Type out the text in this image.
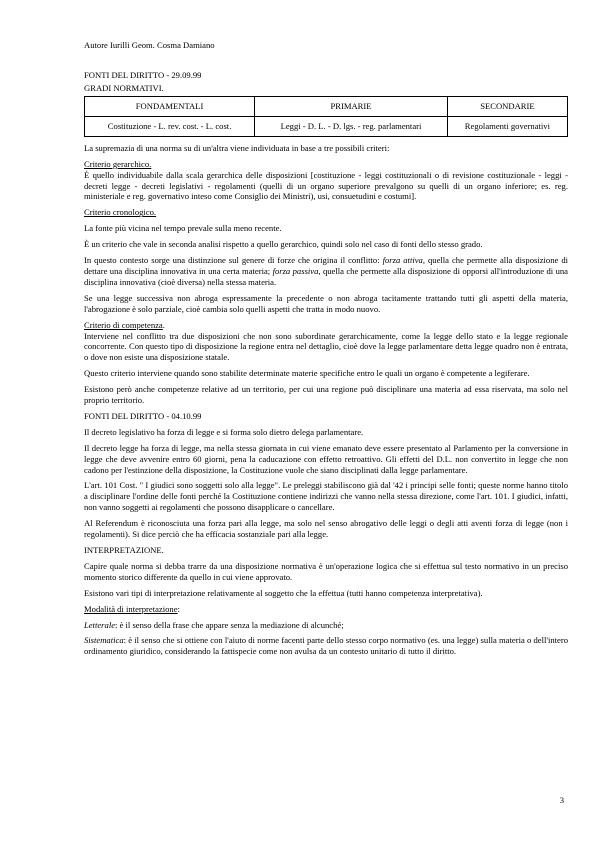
Autore Iurilli Geom. Cosma Damiano

FONTI DEL DIRITTO - 29.09.99

GRADI NORMATIVI.

FONDAMENTALI	PRIMARIE	SECONDARIE
Costituzione - L. rev. cost. - L. cost.	Leggi - D. L. - D. lgs. - reg. parlamentari	Regolamenti governativi

La supremazia di una norma su di un'altra viene individuata in base a tre possibili criteri:

Criterio gerarchico.
È quello individuabile dalla scala gerarchica delle disposizioni [costituzione - leggi costituzionali o di revisione costituzionale - leggi - decreti legge - decreti legislativi - regolamenti (quelli di un organo superiore prevalgono su quelli di un organo inferiore; es. reg. ministeriale e reg. governativo inteso come Consiglio dei Ministri), usi, consuetudini e costumi].

Criterio cronologico.

La fonte più vicina nel tempo prevale sulla meno recente.

È un criterio che vale in seconda analisi rispetto a quello gerarchico, quindi solo nel caso di fonti dello stesso grado.

In questo contesto sorge una distinzione sul genere di forze che origina il conflitto: forza attiva, quella che permette alla disposizione di dettare una disciplina innovativa in una certa materia; forza passiva, quella che permette alla disposizione di opporsi all'introduzione di una disciplina innovativa (cioè diversa) nella stessa materia.

Se una legge successiva non abroga espressamente la precedente o non abroga tacitamente trattando tutti gli aspetti della materia, l'abrogazione è solo parziale, cioè cambia solo quelli aspetti che tratta in modo nuovo.

Criterio di competenza.
Interviene nel conflitto tra due disposizioni che non sono subordinate gerarchicamente, come la legge dello stato e la legge regionale concorrente. Con questo tipo di disposizione la regione entra nel dettaglio, cioè dove la legge parlamentare detta legge quadro non è entrata, o dove non esiste una disposizione statale.

Questo criterio interviene quando sono stabilite determinate materie specifiche entro le quali un organo è competente a legiferare.

Esistono però anche competenze relative ad un territorio, per cui una regione può disciplinare una materia ad essa riservata, ma solo nel proprio territorio.

FONTI DEL DIRITTO - 04.10.99

Il decreto legislativo ha forza di legge e si forma solo dietro delega parlamentare.

Il decreto legge ha forza di legge, ma nella stessa giornata in cui viene emanato deve essere presentato al Parlamento per la conversione in legge che deve avvenire entro 60 giorni, pena la caducazione con effetto retroattivo. Gli effetti del D.L. non convertito in legge che non cadono per l'estinzione della disposizione, la Costituzione vuole che siano disciplinati dalla legge parlamentare.

L'art. 101 Cost. " I giudici sono soggetti solo alla legge". Le preleggi stabiliscono già dal '42 i principi selle fonti; queste norme hanno titolo a disciplinare l'ordine delle fonti perché la Costituzione contiene indirizzi che vanno nella stessa direzione, come l'art. 101. I giudici, infatti, non vanno soggetti ai regolamenti che possono disapplicare o cancellare.

Al Referendum è riconosciuta una forza pari alla legge, ma solo nel senso abrogativo delle leggi o degli atti aventi forza di legge (non i regolamenti). Si dice perciò che ha efficacia sostanziale pari alla legge.

INTERPRETAZIONE.

Capire quale norma si debba trarre da una disposizione normativa è un'operazione logica che si effettua sul testo normativo in un preciso momento storico differente da quello in cui viene approvato.

Esistono vari tipi di interpretazione relativamente al soggetto che la effettua (tutti hanno competenza interpretativa).

Modalità di interpretazione:

Letterale: è il senso della frase che appare senza la mediazione di alcunché;

Sistematica: è il senso che si ottiene con l'aiuto di norme facenti parte dello stesso corpo normativo (es. una legge) sulla materia o dell'intero ordinamento giuridico, considerando la fattispecie come non avulsa da un contesto unitario di tutto il diritto.

3
